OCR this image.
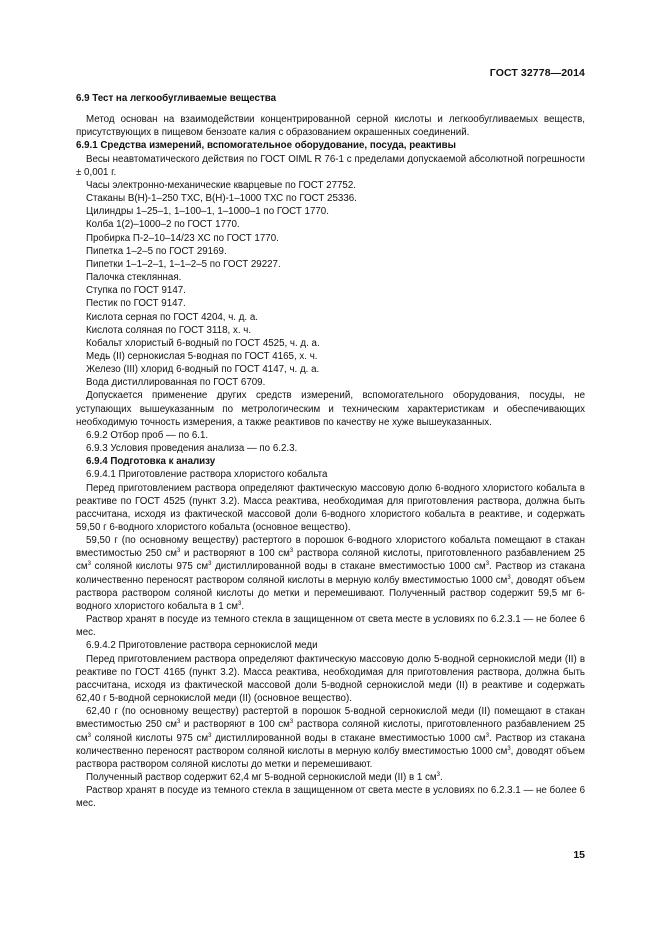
ГОСТ 32778—2014

6.9 Тест на легкообугливаемые вещества

Метод основан на взаимодействии концентрированной серной кислоты и легкообугливаемых веществ, присутствующих в пищевом бензоате калия с образованием окрашенных соединений.

6.9.1 Средства измерений, вспомогательное оборудование, посуда, реактивы

Весы неавтоматического действия по ГОСТ OIML R 76-1 с пределами допускаемой абсолютной погрешности ± 0,001 г.

Часы электронно-механические кварцевые по ГОСТ 27752.

Стаканы В(Н)-1–250 ТХС, В(Н)-1–1000 ТХС по ГОСТ 25336.

Цилиндры 1–25–1, 1–100–1, 1–1000–1 по ГОСТ 1770.

Колба 1(2)–1000–2 по ГОСТ 1770.

Пробирка П-2–10–14/23 ХС по ГОСТ 1770.

Пипетка 1–2–5 по ГОСТ 29169.

Пипетки 1–1–2–1, 1–1–2–5 по ГОСТ 29227.

Палочка стеклянная.

Ступка по ГОСТ 9147.

Пестик по ГОСТ 9147.

Кислота серная по ГОСТ 4204, ч. д. а.

Кислота соляная по ГОСТ 3118, х. ч.

Кобальт хлористый 6-водный по ГОСТ 4525, ч. д. а.

Медь (II) сернокислая 5-водная по ГОСТ 4165, х. ч.

Железо (III) хлорид 6-водный по ГОСТ 4147, ч. д. а.

Вода дистиллированная по ГОСТ 6709.

Допускается применение других средств измерений, вспомогательного оборудования, посуды, не уступающих вышеуказанным по метрологическим и техническим характеристикам и обеспечивающих необходимую точность измерения, а также реактивов по качеству не хуже вышеуказанных.

6.9.2 Отбор проб — по 6.1.

6.9.3 Условия проведения анализа — по 6.2.3.

6.9.4 Подготовка к анализу

6.9.4.1 Приготовление раствора хлористого кобальта

Перед приготовлением раствора определяют фактическую массовую долю 6-водного хлористого кобальта в реактиве по ГОСТ 4525 (пункт 3.2). Масса реактива, необходимая для приготовления раствора, должна быть рассчитана, исходя из фактической массовой доли 6-водного хлористого кобальта в реактиве, и содержать 59,50 г 6-водного хлористого кобальта (основное вещество).

59,50 г (по основному веществу) растертого в порошок 6-водного хлористого кобальта помещают в стакан вместимостью 250 $см^3$ и растворяют в 100 $см^3$ раствора соляной кислоты, приготовленного разбавлением 25 $см^3$ соляной кислоты 975 $см^3$ дистиллированной воды в стакане вместимостью 1000 $см^3$. Раствор из стакана количественно переносят раствором соляной кислоты в мерную колбу вместимостью 1000 $см^3$, доводят объем раствора раствором соляной кислоты до метки и перемешивают. Полученный раствор содержит 59,5 мг 6-водного хлористого кобальта в 1 $см^3$.

Раствор хранят в посуде из темного стекла в защищенном от света месте в условиях по 6.2.3.1 — не более 6 мес.

6.9.4.2 Приготовление раствора сернокислой меди

Перед приготовлением раствора определяют фактическую массовую долю 5-водной сернокислой меди (II) в реактиве по ГОСТ 4165 (пункт 3.2). Масса реактива, необходимая для приготовления раствора, должна быть рассчитана, исходя из фактической массовой доли 5-водной сернокислой меди (II) в реактиве и содержать 62,40 г 5-водной сернокислой меди (II) (основное вещество).

62,40 г (по основному веществу) растертой в порошок 5-водной сернокислой меди (II) помещают в стакан вместимостью 250 $см^3$ и растворяют в 100 $см^3$ раствора соляной кислоты, приготовленного разбавлением 25 $см^3$ соляной кислоты 975 $см^3$ дистиллированной воды в стакане вместимостью 1000 $см^3$. Раствор из стакана количественно переносят раствором соляной кислоты в мерную колбу вместимостью 1000 $см^3$, доводят объем раствора раствором соляной кислоты до метки и перемешивают.

Полученный раствор содержит 62,4 мг 5-водной сернокислой меди (II) в 1 $см^3$.

Раствор хранят в посуде из темного стекла в защищенном от света месте в условиях по 6.2.3.1 — не более 6 мес.

15
